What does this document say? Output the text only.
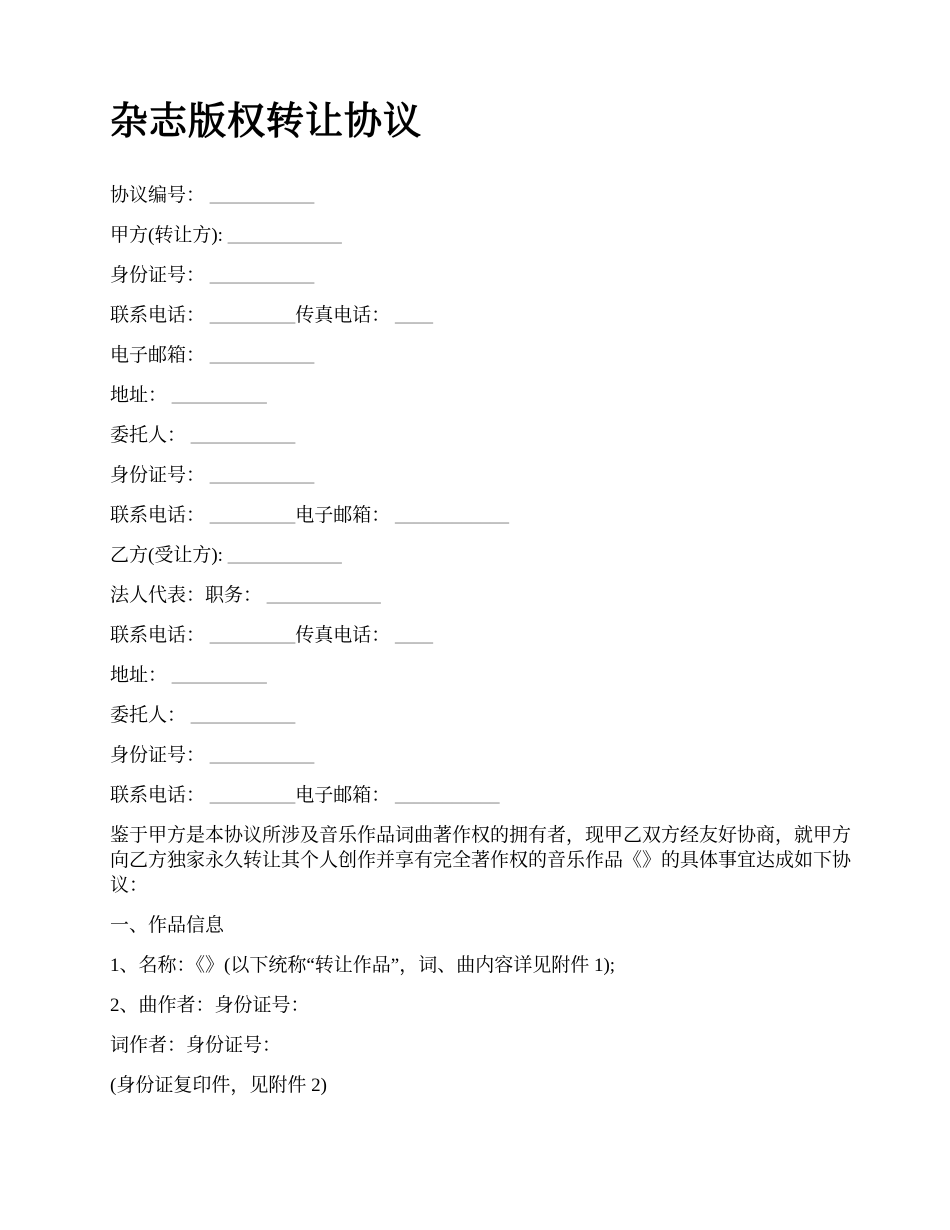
杂志版权转让协议

协议编号： ___________

甲方(转让方): ____________

身份证号： ___________

联系电话： _________传真电话： ____

电子邮箱： ___________

地址： __________

委托人： ___________

身份证号： ___________

联系电话： _________电子邮箱： ____________

乙方(受让方): ____________

法人代表：职务： ____________

联系电话： _________传真电话： ____

地址： __________

委托人： ___________

身份证号： ___________

联系电话： _________电子邮箱： ___________

鉴于甲方是本协议所涉及音乐作品词曲著作权的拥有者，现甲乙双方经友好协商，就甲方向乙方独家永久转让其个人创作并享有完全著作权的音乐作品《》的具体事宜达成如下协议：

一、作品信息

1、名称：《》(以下统称“转让作品”，词、曲内容详见附件 1);

2、曲作者：身份证号：

词作者：身份证号：

(身份证复印件，见附件 2)
